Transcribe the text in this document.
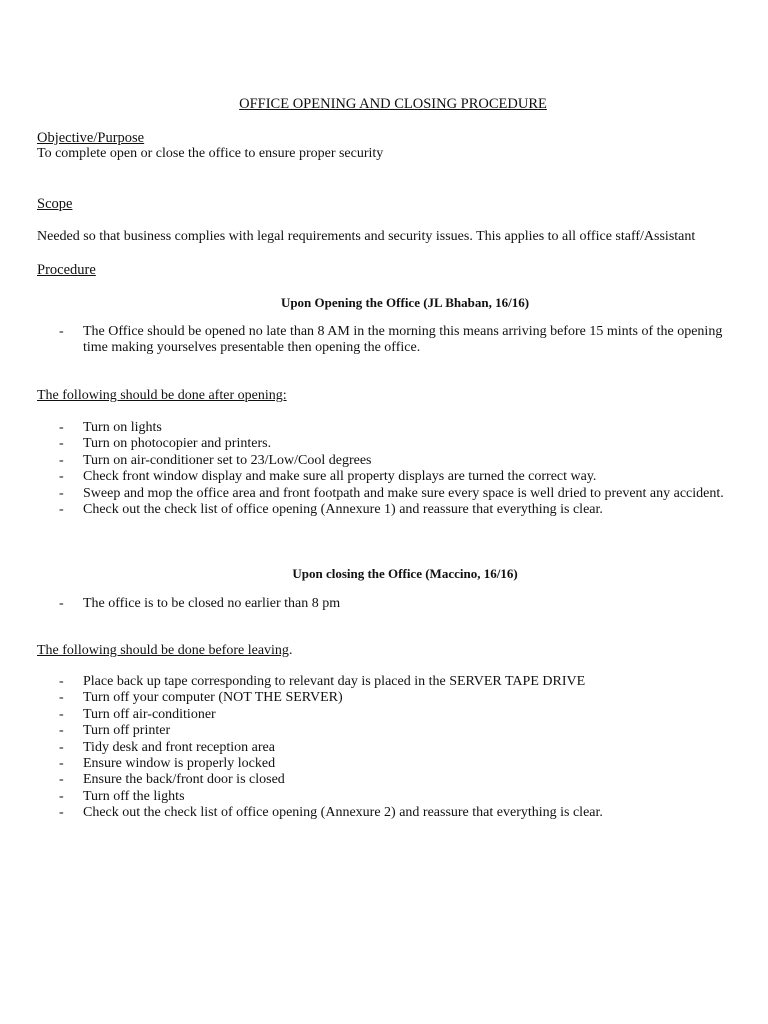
OFFICE OPENING AND CLOSING PROCEDURE
Objective/Purpose
To complete open or close the office to ensure proper security
Scope
Needed so that business complies with legal requirements and security issues. This applies to all office staff/Assistant
Procedure
Upon Opening the Office (JL Bhaban, 16/16)
- The Office should be opened no late than 8 AM in the morning this means arriving before 15 mints of the opening time making yourselves presentable then opening the office.
The following should be done after opening:
- Turn on lights
- Turn on photocopier and printers.
- Turn on air-conditioner set to 23/Low/Cool degrees
- Check front window display and make sure all property displays are turned the correct way.
- Sweep and mop the office area and front footpath and make sure every space is well dried to prevent any accident.
- Check out the check list of office opening (Annexure 1) and reassure that everything is clear.
Upon closing the Office (Maccino, 16/16)
- The office is to be closed no earlier than 8 pm
The following should be done before leaving.
- Place back up tape corresponding to relevant day is placed in the SERVER TAPE DRIVE
- Turn off your computer (NOT THE SERVER)
- Turn off air-conditioner
- Turn off printer
- Tidy desk and front reception area
- Ensure window is properly locked
- Ensure the back/front door is closed
- Turn off the lights
- Check out the check list of office opening (Annexure 2) and reassure that everything is clear.
